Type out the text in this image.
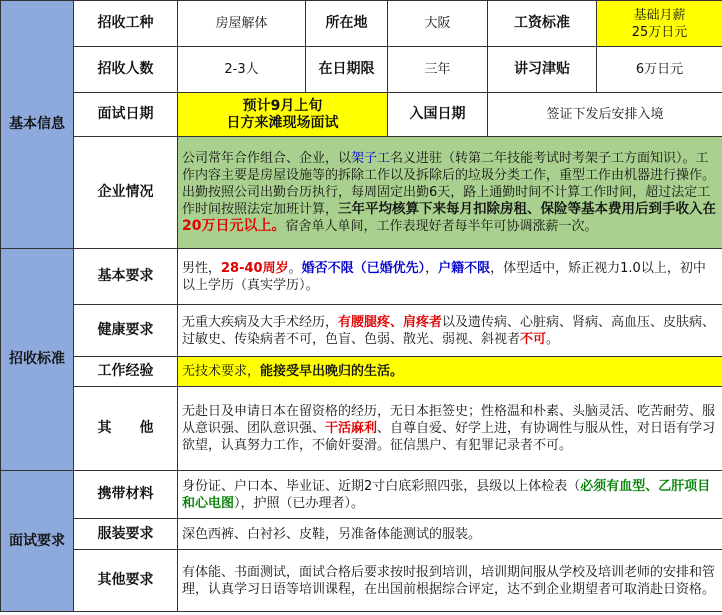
基本信息	招收工种	房屋解体	所在地	大阪	工资标准	基础月薪
25万日元

	招收人数	2-3人	在日期限	三年	讲习津贴	6万日元
	面试日期	预计9月上旬
日方来滩现场面试		入国日期	签证下发后安排入境	
	企业情况	公司常年合作组合、企业，以架子工名义进驻（转第二年技能考试时考架子工方面知识）。工作内容主要是房屋设施等的拆除工作以及拆除后的垃圾分类工作，重型工作由机器进行操作。出勤按照公司出勤台历执行，每周固定出勤6天，路上通勤时间不计算工作时间，超过法定工作时间按照法定加班计算，三年平均核算下来每月扣除房租、保险等基本费用后到手收入在20万日元以上。宿舍单人单间，工作表现好者每半年可协调涨薪一次。				
招收标准	基本要求	男性，28-40周岁。婚否不限（已婚优先），户籍不限，体型适中，矫正视力1.0以上，初中以上学历（真实学历）。				
	健康要求	无重大疾病及大手术经历，有腰腿疼、肩疼者以及遗传病、心脏病、肾病、高血压、皮肤病、过敏史、传染病者不可，色盲、色弱、散光、弱视、斜视者不可。				
	工作经验	无技术要求，能接受早出晚归的生活。				
	其　　他	无赴日及申请日本在留资格的经历，无日本拒签史；性格温和朴素、头脑灵活、吃苦耐劳、服从意识强、团队意识强、干活麻利、自尊自爱、好学上进，有协调性与服从性，对日语有学习欲望，认真努力工作，不偷奸耍滑。征信黑户、有犯罪记录者不可。				
面试要求	携带材料	身份证、户口本、毕业证、近期2寸白底彩照四张，县级以上体检表（必须有血型、乙肝项目和心电图），护照（已办理者）。				
	服装要求	深色西裤、白衬衫、皮鞋，另准备体能测试的服装。				
	其他要求	有体能、书面测试，面试合格后要求按时报到培训，培训期间服从学校及培训老师的安排和管理，认真学习日语等培训课程，在出国前根据综合评定，达不到企业期望者可取消赴日资格。				
